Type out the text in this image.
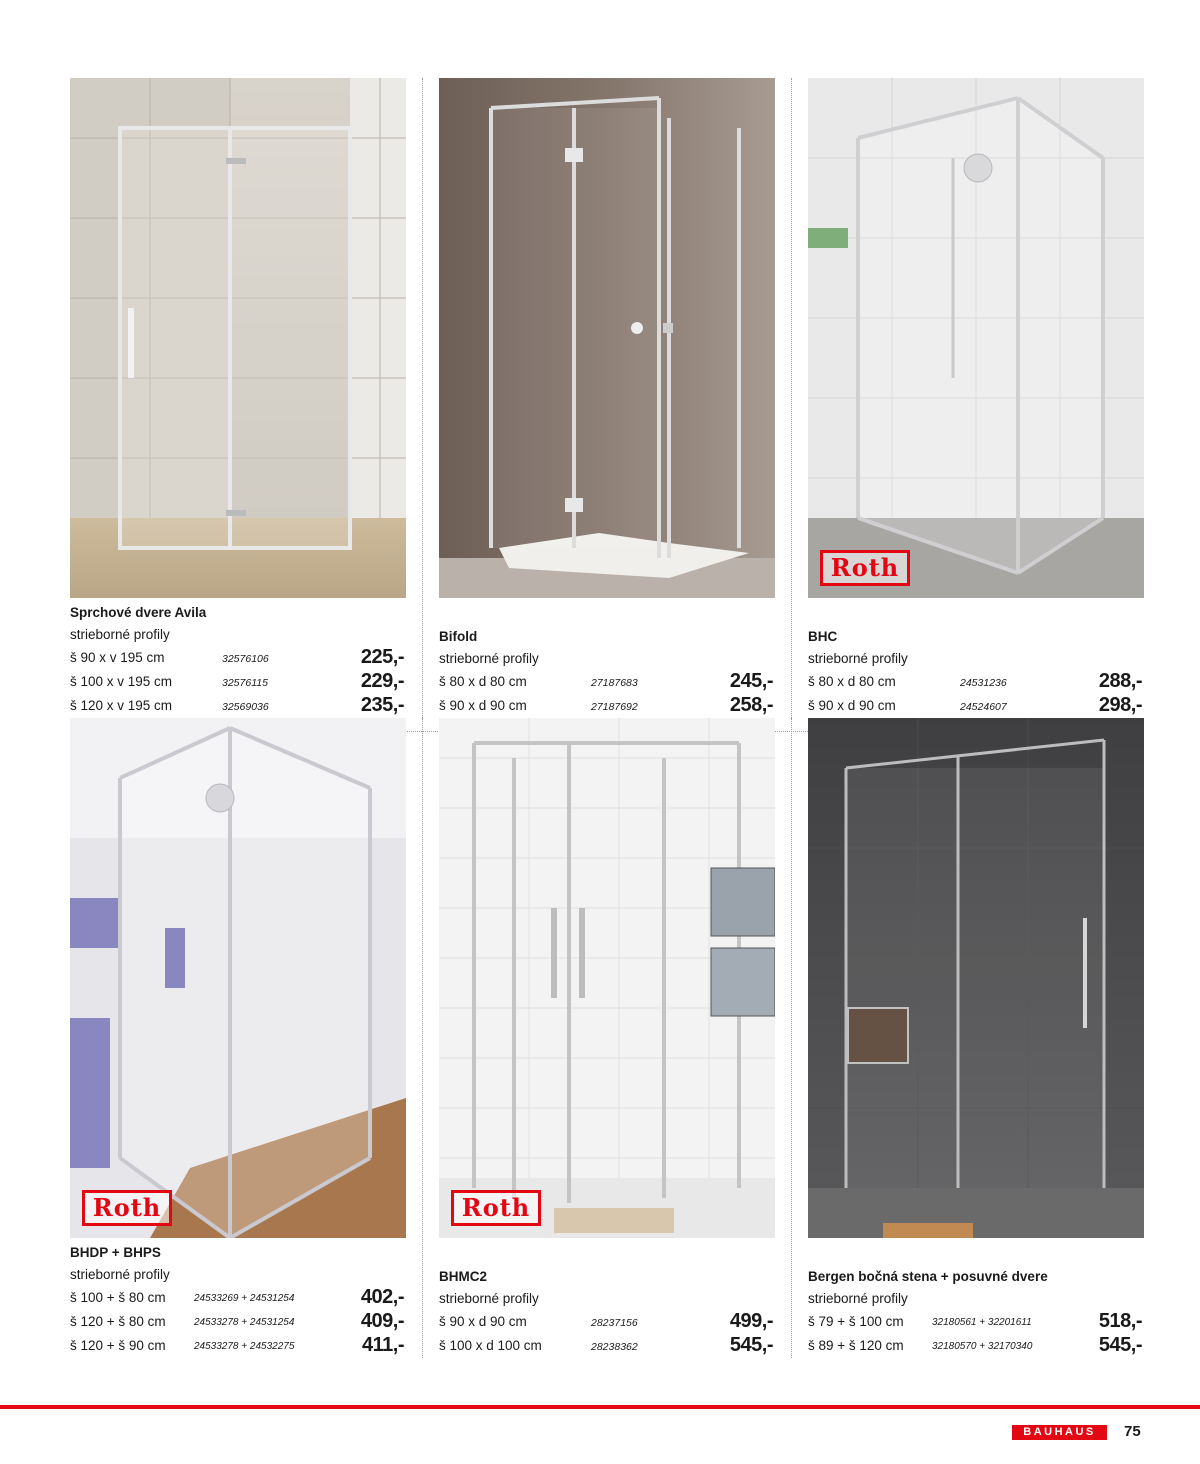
Sprchové dvere Avila
strieborné profily
š 90 x v 195 cm	32576106	225,-
š 100 x v 195 cm	32576115	229,-
š 120 x v 195 cm	32569036	235,-
Bifold
strieborné profily
š 80 x d 80 cm	27187683	245,-
š 90 x d 90 cm	27187692	258,-
Roth
BHC
strieborné profily
š 80 x d 80 cm	24531236	288,-
š 90 x d 90 cm	24524607	298,-
Roth
BHDP + BHPS
strieborné profily
š 100 + š 80 cm	24533269 + 24531254	402,-
š 120 + š 80 cm	24533278 + 24531254	409,-
š 120 + š 90 cm	24533278 + 24532275	411,-
Roth
BHMC2
strieborné profily
š 90 x d 90 cm	28237156	499,-
š 100 x d 100 cm	28238362	545,-
Bergen bočná stena + posuvné dvere
strieborné profily
š 79 + š 100 cm	32180561 + 32201611	518,-
š 89 + š 120 cm	32180570 + 32170340	545,-
BAUHAUS	75
